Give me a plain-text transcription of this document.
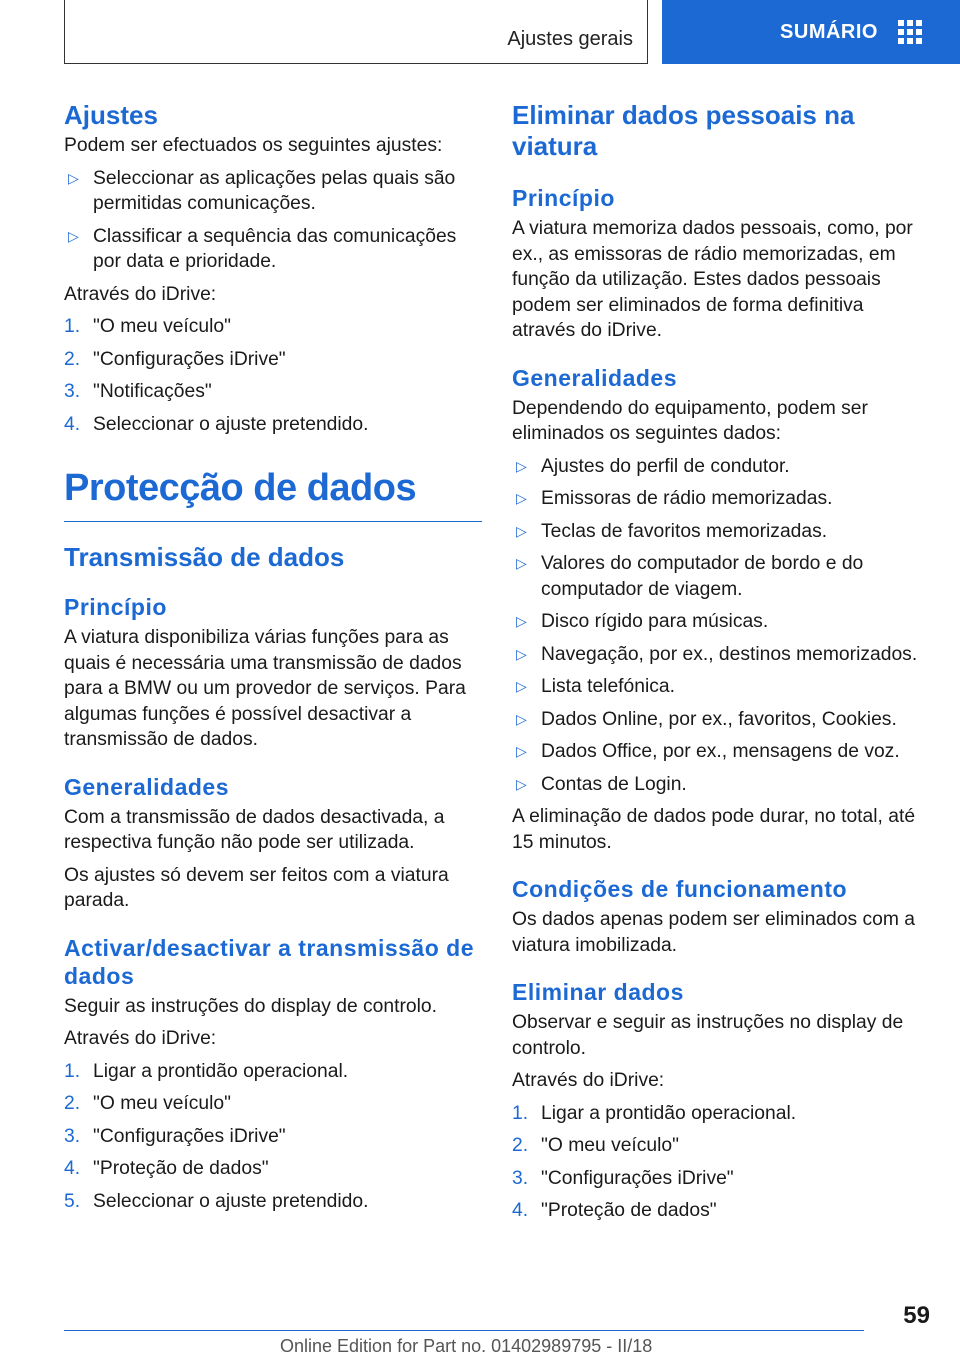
Ajustes gerais	SUMÁRIO
Ajustes

Podem ser efectuados os seguintes ajustes:

▷ Seleccionar as aplicações pelas quais são permitidas comunicações.
▷ Classificar a sequência das comunicações por data e prioridade.

Através do iDrive:

1. "O meu veículo"
2. "Configurações iDrive"
3. "Notificações"
4. Seleccionar o ajuste pretendido.
Protecção de dados
Transmissão de dados
Princípio

A viatura disponibiliza várias funções para as quais é necessária uma transmissão de dados para a BMW ou um provedor de serviços. Para algumas funções é possível desactivar a transmissão de dados.

Generalidades

Com a transmissão de dados desactivada, a respectiva função não pode ser utilizada.

Os ajustes só devem ser feitos com a viatura parada.

Activar/desactivar a transmissão de dados

Seguir as instruções do display de controlo.

Através do iDrive:

1. Ligar a prontidão operacional.
2. "O meu veículo"
3. "Configurações iDrive"
4. "Proteção de dados"
5. Seleccionar o ajuste pretendido.
Eliminar dados pessoais na viatura
Princípio

A viatura memoriza dados pessoais, como, por ex., as emissoras de rádio memorizadas, em função da utilização. Estes dados pessoais podem ser eliminados de forma definitiva através do iDrive.

Generalidades

Dependendo do equipamento, podem ser eliminados os seguintes dados:

▷ Ajustes do perfil de condutor.
▷ Emissoras de rádio memorizadas.
▷ Teclas de favoritos memorizadas.
▷ Valores do computador de bordo e do computador de viagem.
▷ Disco rígido para músicas.
▷ Navegação, por ex., destinos memorizados.
▷ Lista telefónica.
▷ Dados Online, por ex., favoritos, Cookies.
▷ Dados Office, por ex., mensagens de voz.
▷ Contas de Login.

A eliminação de dados pode durar, no total, até 15 minutos.

Condições de funcionamento

Os dados apenas podem ser eliminados com a viatura imobilizada.

Eliminar dados

Observar e seguir as instruções no display de controlo.

Através do iDrive:

1. Ligar a prontidão operacional.
2. "O meu veículo"
3. "Configurações iDrive"
4. "Proteção de dados"
59
Online Edition for Part no. 01402989795 - II/18
